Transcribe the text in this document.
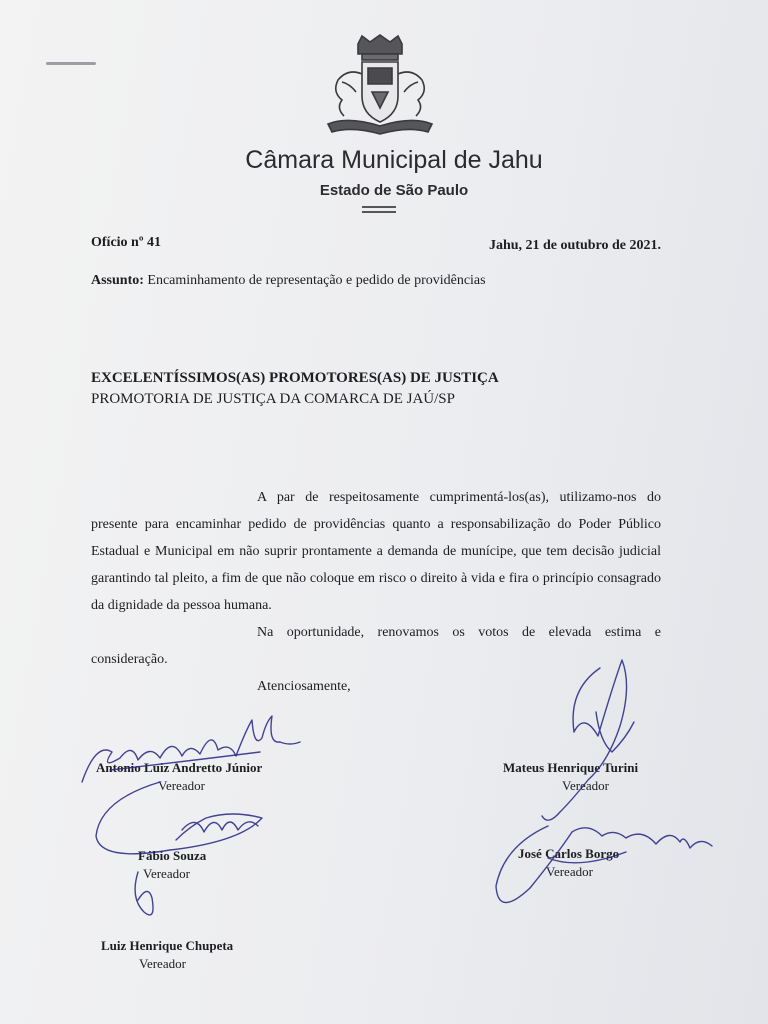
Câmara Municipal de Jahu
Estado de São Paulo
Ofício nº 41	Jahu, 21 de outubro de 2021.
Assunto: Encaminhamento de representação e pedido de providências
EXCELENTÍSSIMOS(AS) PROMOTORES(AS) DE JUSTIÇA
PROMOTORIA DE JUSTIÇA DA COMARCA DE JAÚ/SP

A par de respeitosamente cumprimentá-los(as), utilizamo-nos do presente para encaminhar pedido de providências quanto a responsabilização do Poder Público Estadual e Municipal em não suprir prontamente a demanda de munícipe, que tem decisão judicial garantindo tal pleito, a fim de que não coloque em risco o direito à vida e fira o princípio consagrado da dignidade da pessoa humana.

Na oportunidade, renovamos os votos de elevada estima e consideração.

Atenciosamente,
Antonio Luiz Andretto Júnior
Vereador
Mateus Henrique Turini
Vereador
Fábio Souza
Vereador
José Carlos Borgo
Vereador
Luiz Henrique Chupeta
Vereador
